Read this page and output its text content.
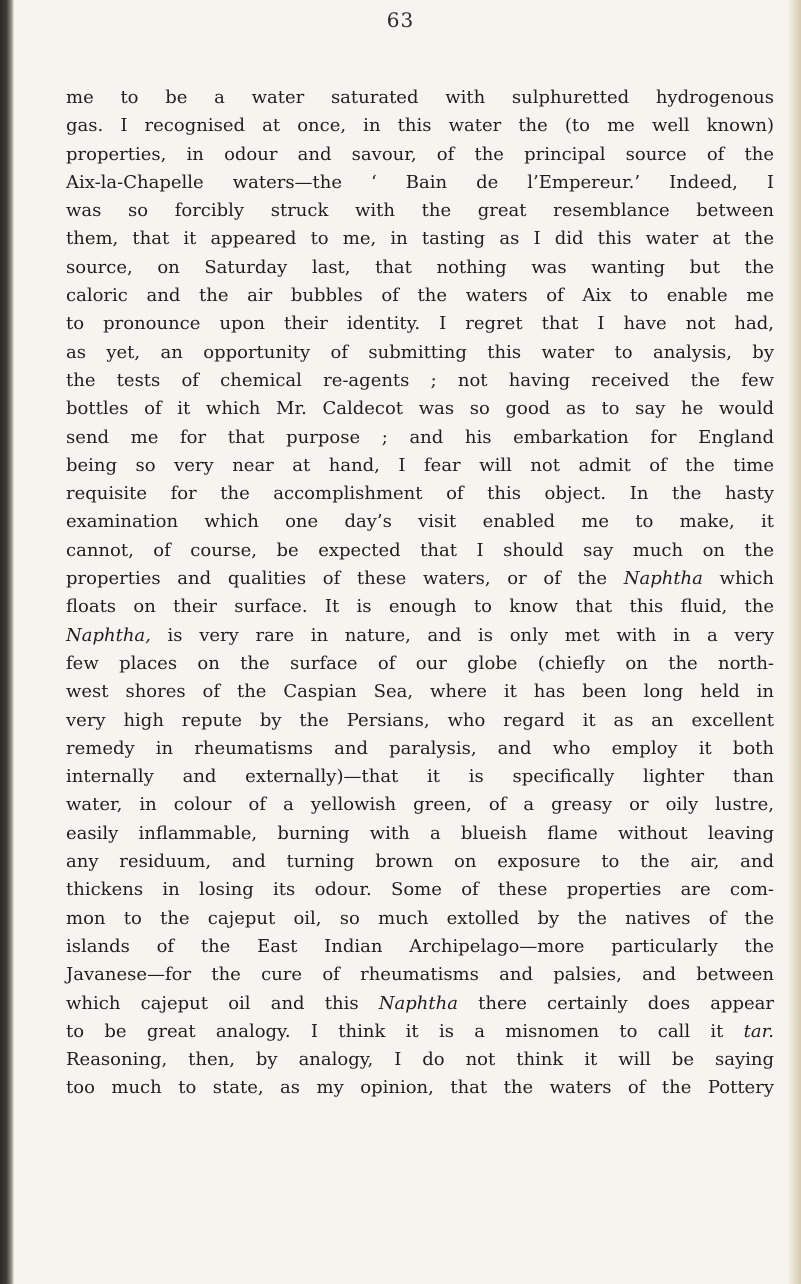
63
me to be a water saturated with sulphuretted hydrogenous
gas. I recognised at once, in this water the (to me well known)
properties, in odour and savour, of the principal source of the
Aix-la-Chapelle waters—the ‘ Bain de l’Empereur.’ Indeed, I
was so forcibly struck with the great resemblance between
them, that it appeared to me, in tasting as I did this water at the
source, on Saturday last, that nothing was wanting but the
caloric and the air bubbles of the waters of Aix to enable me
to pronounce upon their identity. I regret that I have not had,
as yet, an opportunity of submitting this water to analysis, by
the tests of chemical re-agents ; not having received the few
bottles of it which Mr. Caldecot was so good as to say he would
send me for that purpose ; and his embarkation for England
being so very near at hand, I fear will not admit of the time
requisite for the accomplishment of this object. In the hasty
examination which one day’s visit enabled me to make, it
cannot, of course, be expected that I should say much on the
properties and qualities of these waters, or of the Naphtha which
floats on their surface. It is enough to know that this fluid, the
Naphtha, is very rare in nature, and is only met with in a very
few places on the surface of our globe (chiefly on the north-
west shores of the Caspian Sea, where it has been long held in
very high repute by the Persians, who regard it as an excellent
remedy in rheumatisms and paralysis, and who employ it both
internally and externally)—that it is specifically lighter than
water, in colour of a yellowish green, of a greasy or oily lustre,
easily inflammable, burning with a blueish flame without leaving
any residuum, and turning brown on exposure to the air, and
thickens in losing its odour. Some of these properties are com-
mon to the cajeput oil, so much extolled by the natives of the
islands of the East Indian Archipelago—more particularly the
Javanese—for the cure of rheumatisms and palsies, and between
which cajeput oil and this Naphtha there certainly does appear
to be great analogy. I think it is a misnomen to call it tar.
Reasoning, then, by analogy, I do not think it will be saying
too much to state, as my opinion, that the waters of the Pottery
